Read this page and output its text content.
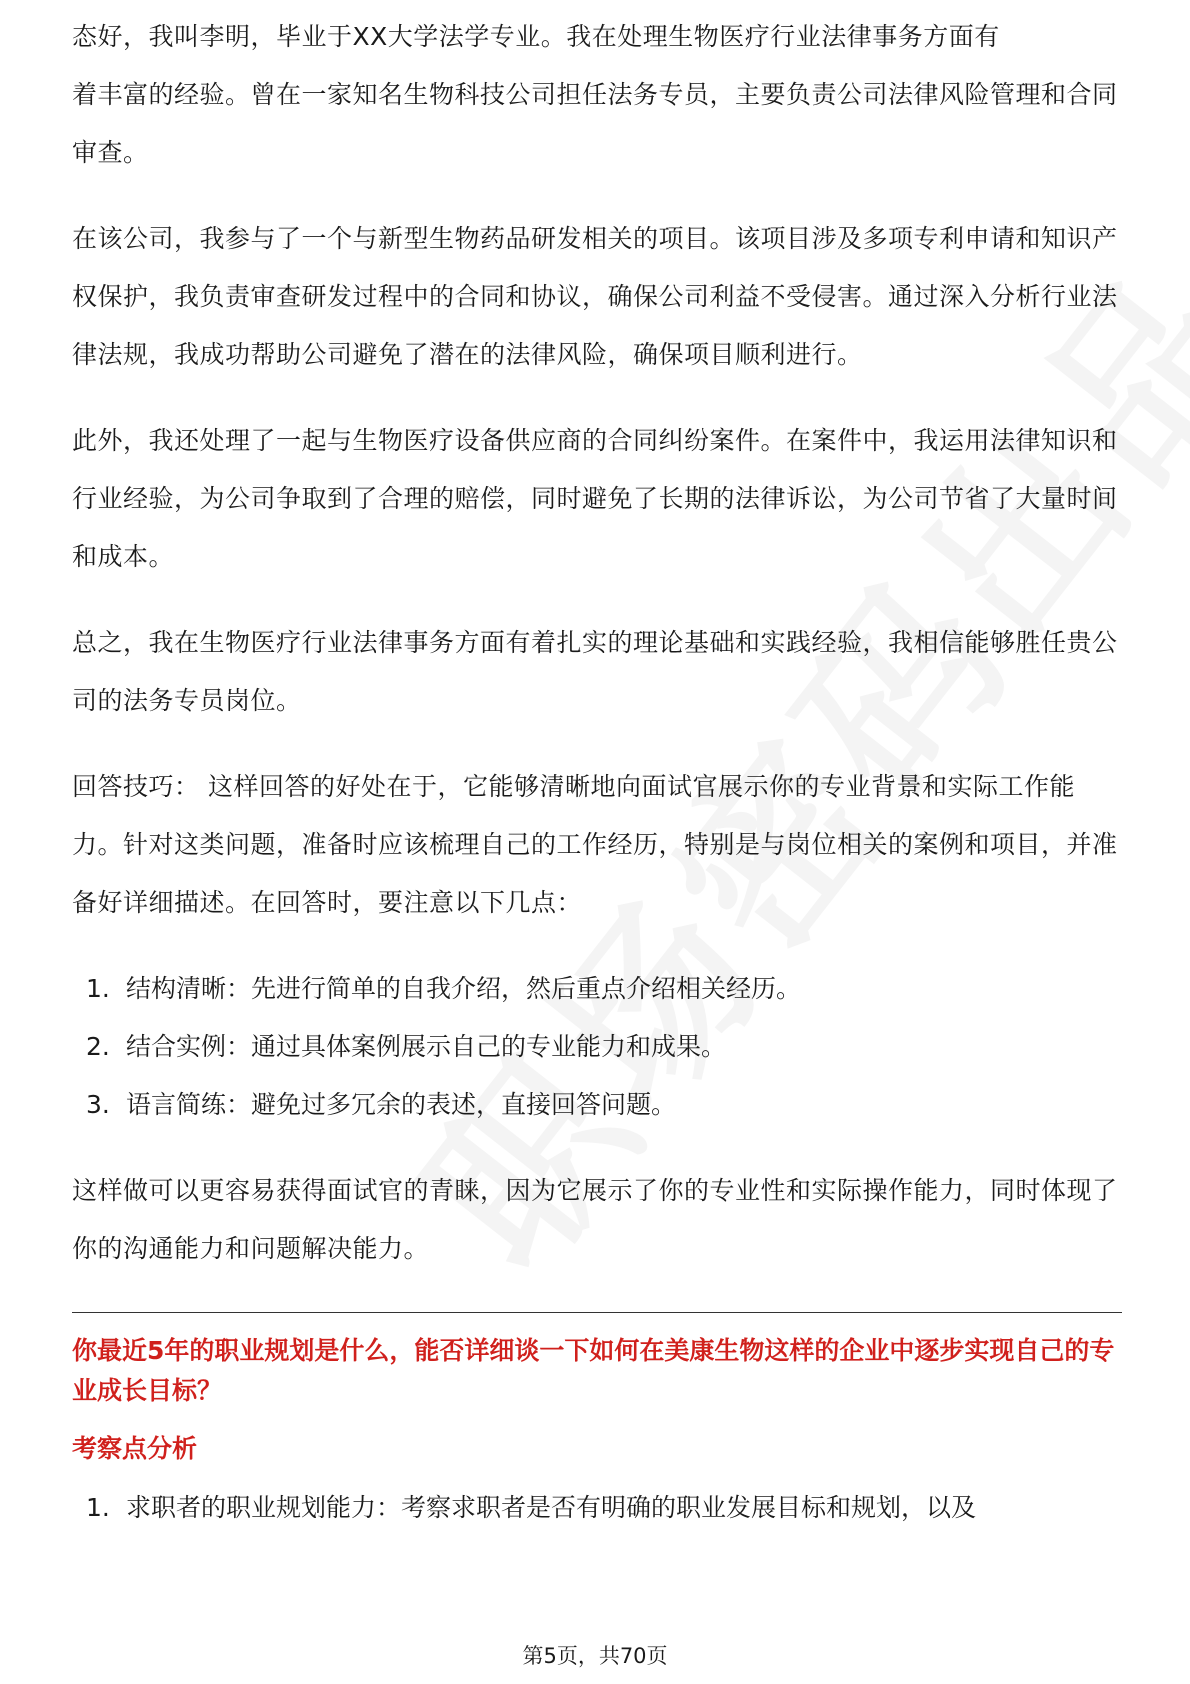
态好，我叫李明，毕业于XX大学法学专业。我在处理生物医疗行业法律事务方面有

着丰富的经验。曾在一家知名生物科技公司担任法务专员，主要负责公司法律风险管理和合同审查。

在该公司，我参与了一个与新型生物药品研发相关的项目。该项目涉及多项专利申请和知识产权保护，我负责审查研发过程中的合同和协议，确保公司利益不受侵害。通过深入分析行业法律法规，我成功帮助公司避免了潜在的法律风险，确保项目顺利进行。

此外，我还处理了一起与生物医疗设备供应商的合同纠纷案件。在案件中，我运用法律知识和行业经验，为公司争取到了合理的赔偿，同时避免了长期的法律诉讼，为公司节省了大量时间和成本。

总之，我在生物医疗行业法律事务方面有着扎实的理论基础和实践经验，我相信能够胜任贵公司的法务专员岗位。

回答技巧： 这样回答的好处在于，它能够清晰地向面试官展示你的专业背景和实际工作能力。针对这类问题，准备时应该梳理自己的工作经历，特别是与岗位相关的案例和项目，并准备好详细描述。在回答时，要注意以下几点：

1. 结构清晰：先进行简单的自我介绍，然后重点介绍相关经历。
2. 结合实例：通过具体案例展示自己的专业能力和成果。
3. 语言简练：避免过多冗余的表述，直接回答问题。

这样做可以更容易获得面试官的青睐，因为它展示了你的专业性和实际操作能力，同时体现了你的沟通能力和问题解决能力。

你最近5年的职业规划是什么，能否详细谈一下如何在美康生物这样的企业中逐步实现自己的专业成长目标？

考察点分析

1. 求职者的职业规划能力：考察求职者是否有明确的职业发展目标和规划，以及
第5页，共70页
